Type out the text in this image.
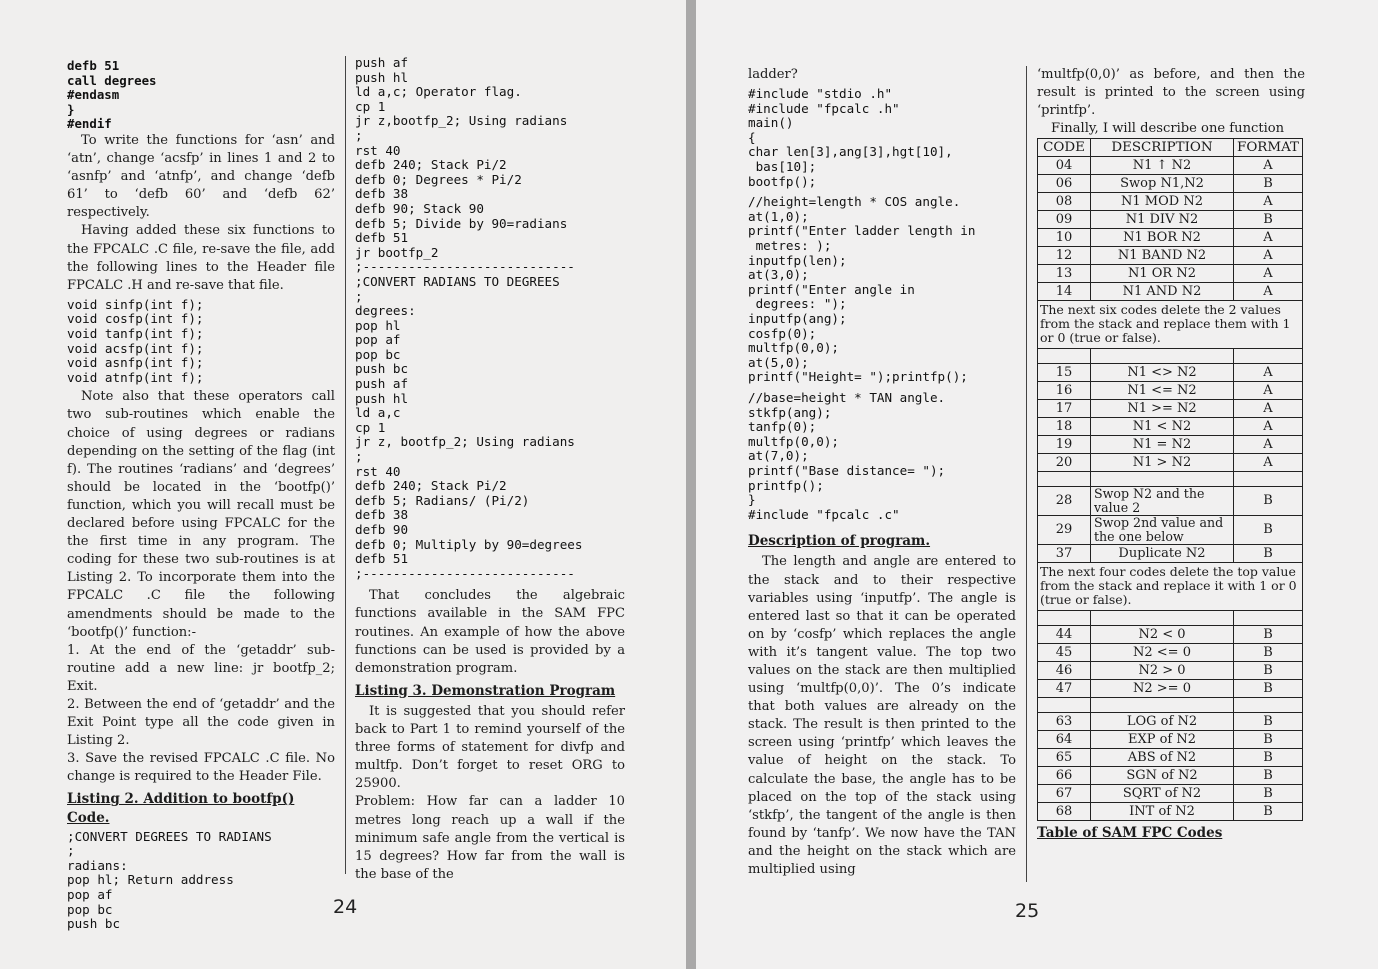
defb 51
call degrees
#endasm
}
#endif

To write the functions for ‘asn’ and ‘atn’, change ‘acsfp’ in lines 1 and 2 to ‘asnfp’ and ‘atnfp’, and change ‘defb 61’ to ‘defb 60’ and ‘defb 62’ respectively.

Having added these six functions to the FPCALC .C file, re-save the file, add the following lines to the Header file FPCALC .H and re-save that file.

void sinfp(int f);
void cosfp(int f);
void tanfp(int f);
void acsfp(int f);
void asnfp(int f);
void atnfp(int f);

Note also that these operators call two sub-routines which enable the choice of using degrees or radians depending on the setting of the flag (int f). The routines ‘radians’ and ‘degrees’ should be located in the ‘bootfp()’ function, which you will recall must be declared before using FPCALC for the the first time in any program. The coding for these two sub-routines is at Listing 2. To incorporate them into the FPCALC .C file the following amendments should be made to the ‘bootfp()’ function:-

1. At the end of the ‘getaddr’ sub-routine add a new line: jr bootfp_2; Exit.

2. Between the end of ‘getaddr’ and the Exit Point type all the code given in Listing 2.

3. Save the revised FPCALC .C file. No change is required to the Header File.

Listing 2. Addition to bootfp() Code.

;CONVERT DEGREES TO RADIANS
;
radians:
pop hl; Return address
pop af
pop bc
push bc
push af
push hl
ld a,c; Operator flag.
cp 1
jr z,bootfp_2; Using radians
;
rst 40
defb 240; Stack Pi/2
defb 0; Degrees * Pi/2
defb 38
defb 90; Stack 90
defb 5; Divide by 90=radians
defb 51
jr bootfp_2
;----------------------------
;CONVERT RADIANS TO DEGREES
;
degrees:
pop hl
pop af
pop bc
push bc
push af
push hl
ld a,c
cp 1
jr z, bootfp_2; Using radians
;
rst 40
defb 240; Stack Pi/2
defb 5; Radians/ (Pi/2)
defb 38
defb 90
defb 0; Multiply by 90=degrees
defb 51
;----------------------------

That concludes the algebraic functions available in the SAM FPC routines. An example of how the above functions can be used is provided by a demonstration program.

Listing 3. Demonstration Program

It is suggested that you should refer back to Part 1 to remind yourself of the three forms of statement for divfp and multfp. Don’t forget to reset ORG to 25900.

Problem: How far can a ladder 10 metres long reach up a wall if the minimum safe angle from the vertical is 15 degrees? How far from the wall is the base of the

24

ladder?

#include "stdio .h"
#include "fpcalc .h"
main()
{
char len[3],ang[3],hgt[10],
bas[10];
bootfp();
//height=length * COS angle.
at(1,0);
printf("Enter ladder length in
metres: );
inputfp(len);
at(3,0);
printf("Enter angle in
degrees: ");
inputfp(ang);
cosfp(0);
multfp(0,0);
at(5,0);
printf("Height= ");printfp();
//base=height * TAN angle.
stkfp(ang);
tanfp(0);
multfp(0,0);
at(7,0);
printf("Base distance= ");
printfp();
}
#include "fpcalc .c"

Description of program.

The length and angle are entered to the stack and to their respective variables using ‘inputfp’. The angle is entered last so that it can be operated on by ‘cosfp’ which replaces the angle with it’s tangent value. The top two values on the stack are then multiplied using ‘multfp(0,0)’. The 0’s indicate that both values are already on the stack. The result is then printed to the screen using ‘printfp’ which leaves the value of height on the stack. To calculate the base, the angle has to be placed on the top of the stack using ‘stkfp’, the tangent of the angle is then found by ‘tanfp’. We now have the TAN and the height on the stack which are multiplied using

‘multfp(0,0)’ as before, and then the result is printed to the screen using ‘printfp’.

Finally, I will describe one function

CODE	DESCRIPTION	FORMAT
04	N1 ↑ N2	A
06	Swop N1,N2	B
08	N1 MOD N2	A
09	N1 DIV N2	B
10	N1 BOR N2	A
12	N1 BAND N2	A
13	N1 OR N2	A
14	N1 AND N2	A
The next six codes delete the 2 values from the stack and replace them with 1 or 0 (true or false).		

15	N1 <> N2	A
16	N1 <= N2	A
17	N1 >= N2	A
18	N1 < N2	A
19	N1 = N2	A
20	N1 > N2	A

28	Swop N2 and the value 2	B
29	Swop 2nd value and the one below	B
37	Duplicate N2	B
The next four codes delete the top value from the stack and replace it with 1 or 0 (true or false).		

44	N2 < 0	B
45	N2 <= 0	B
46	N2 > 0	B
47	N2 >= 0	B

63	LOG of N2	B
64	EXP of N2	B
65	ABS of N2	B
66	SGN of N2	B
67	SQRT of N2	B
68	INT of N2	B
Table of SAM FPC Codes
25
